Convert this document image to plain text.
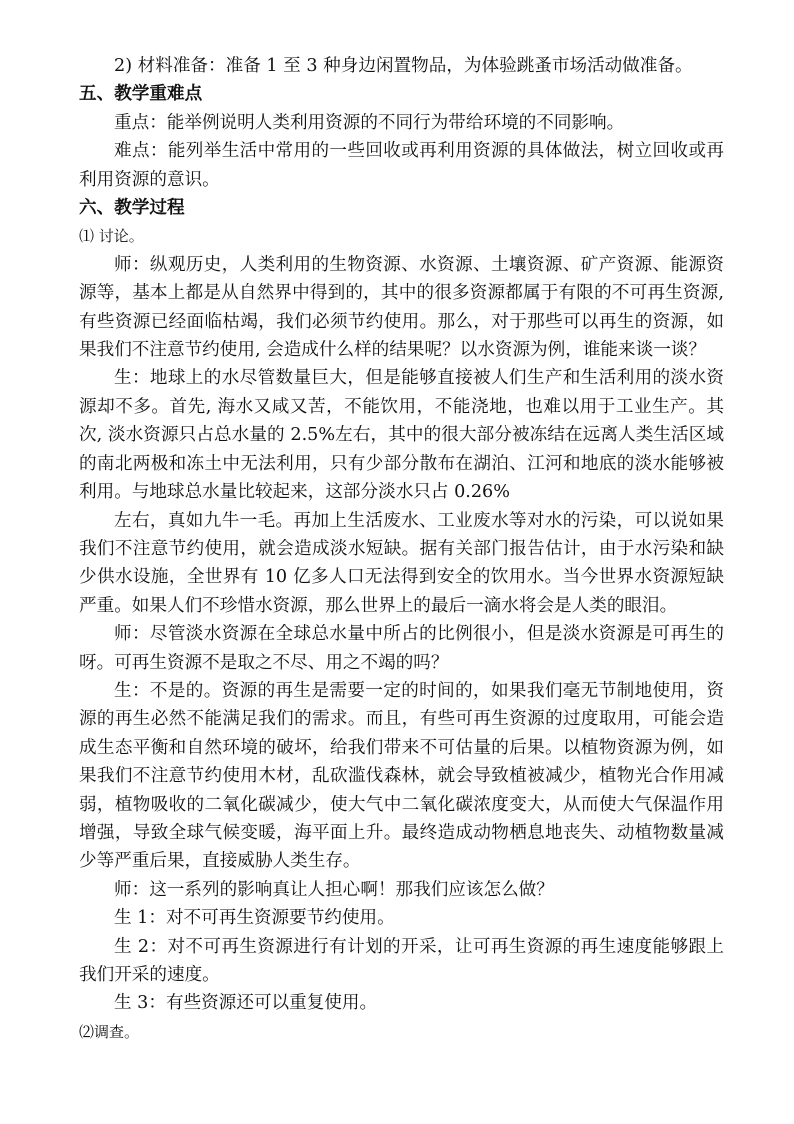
2) 材料准备：准备 1 至 3 种身边闲置物品，为体验跳蚤市场活动做准备。

五、教学重难点

重点：能举例说明人类利用资源的不同行为带给环境的不同影响。

难点：能列举生活中常用的一些回收或再利用资源的具体做法，树立回收或再利用资源的意识。

六、教学过程

⑴ 讨论。

师：纵观历史，人类利用的生物资源、水资源、土壤资源、矿产资源、能源资源等，基本上都是从自然界中得到的，其中的很多资源都属于有限的不可再生资源, 有些资源已经面临枯竭，我们必须节约使用。那么，对于那些可以再生的资源，如果我们不注意节约使用, 会造成什么样的结果呢？以水资源为例，谁能来谈一谈？

生：地球上的水尽管数量巨大，但是能够直接被人们生产和生活利用的淡水资源却不多。首先, 海水又咸又苦，不能饮用，不能浇地，也难以用于工业生产。其次, 淡水资源只占总水量的 2.5%左右，其中的很大部分被冻结在远离人类生活区域的南北两极和冻土中无法利用，只有少部分散布在湖泊、江河和地底的淡水能够被利用。与地球总水量比较起来，这部分淡水只占 0.26%

左右，真如九牛一毛。再加上生活废水、工业废水等对水的污染，可以说如果我们不注意节约使用，就会造成淡水短缺。据有关部门报告估计，由于水污染和缺少供水设施，全世界有 10 亿多人口无法得到安全的饮用水。当今世界水资源短缺严重。如果人们不珍惜水资源，那么世界上的最后一滴水将会是人类的眼泪。

师：尽管淡水资源在全球总水量中所占的比例很小，但是淡水资源是可再生的呀。可再生资源不是取之不尽、用之不竭的吗？

生：不是的。资源的再生是需要一定的时间的，如果我们毫无节制地使用，资源的再生必然不能满足我们的需求。而且，有些可再生资源的过度取用，可能会造成生态平衡和自然环境的破坏，给我们带来不可估量的后果。以植物资源为例，如果我们不注意节约使用木材，乱砍滥伐森林，就会导致植被减少，植物光合作用减弱，植物吸收的二氧化碳减少，使大气中二氧化碳浓度变大，从而使大气保温作用增强，导致全球气候变暖，海平面上升。最终造成动物栖息地丧失、动植物数量减少等严重后果，直接威胁人类生存。

师：这一系列的影响真让人担心啊！那我们应该怎么做？

生 1：对不可再生资源要节约使用。

生 2：对不可再生资源进行有计划的开采，让可再生资源的再生速度能够跟上我们开采的速度。

生 3：有些资源还可以重复使用。

⑵调查。
